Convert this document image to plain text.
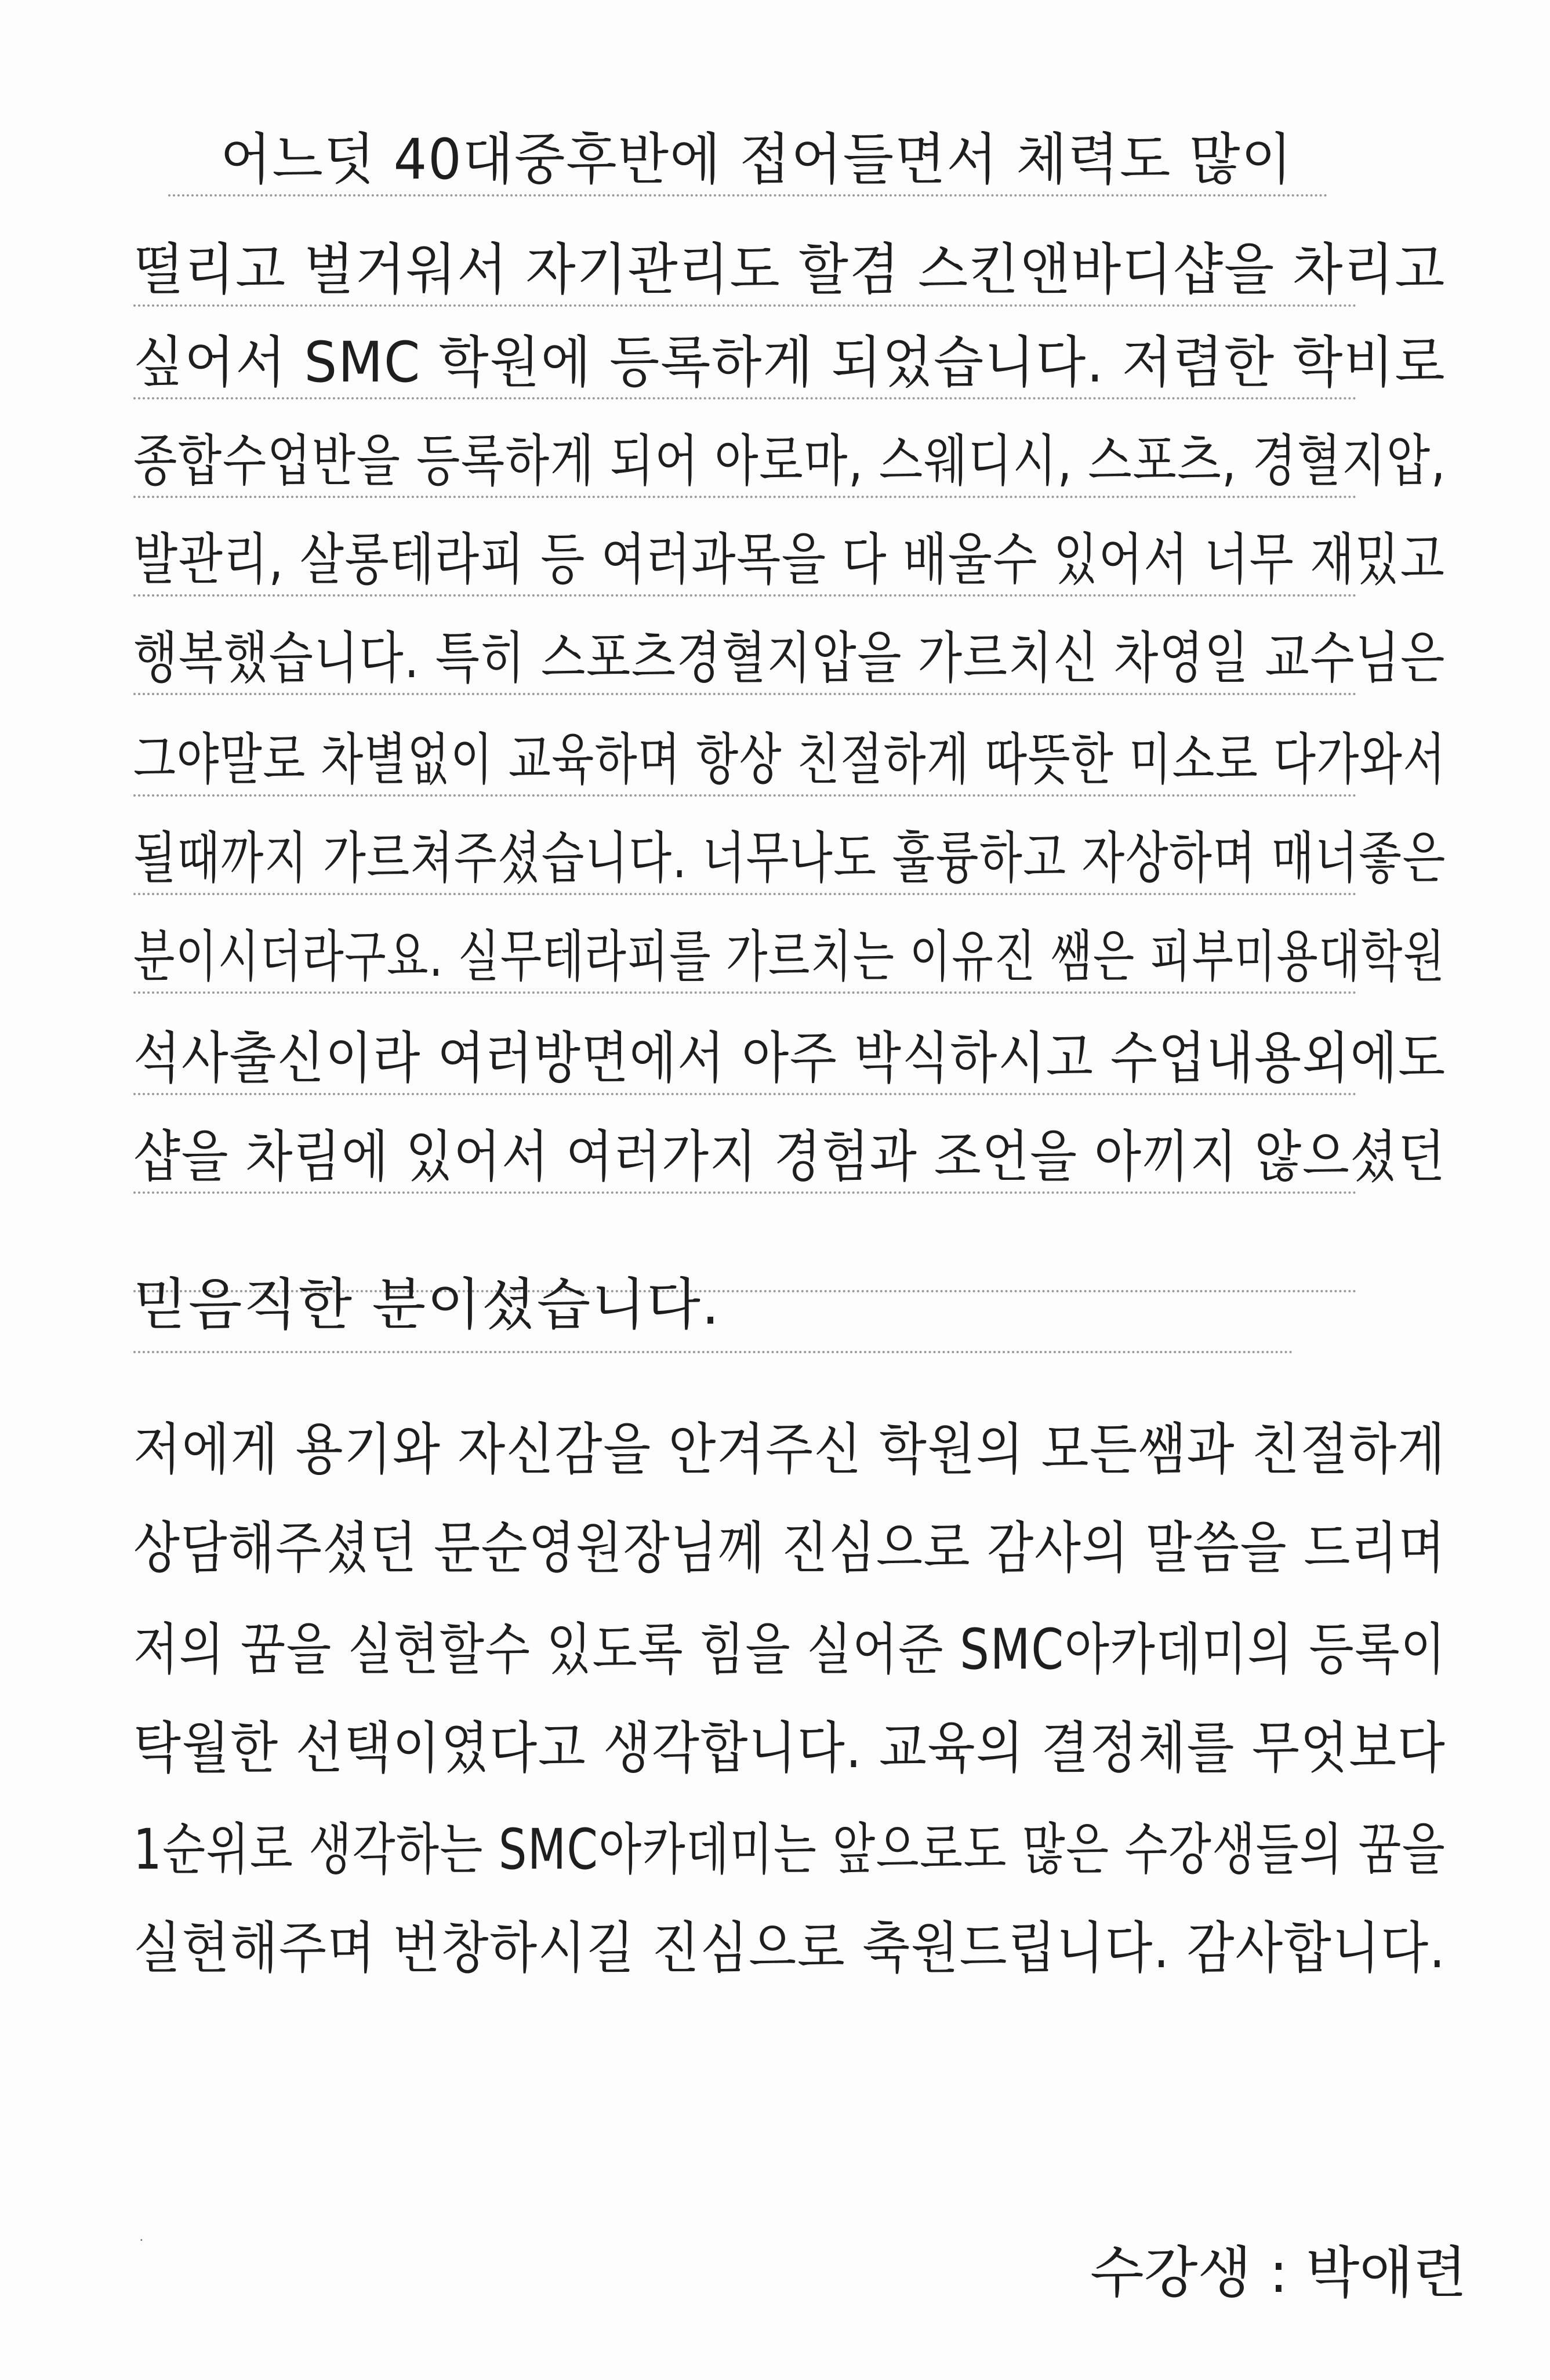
어느덧 40대중후반에 접어들면서 체력도 많이
떨리고 벌거워서 자기관리도 할겸 스킨앤바디샵을 차리고
싶어서 SMC 학원에 등록하게 되었습니다. 저렴한 학비로
종합수업반을 등록하게 되어 아로마, 스웨디시, 스포츠, 경혈지압,
발관리, 살롱테라피 등 여러과목을 다 배울수 있어서 너무 재밌고
행복했습니다. 특히 스포츠경혈지압을 가르치신 차영일 교수님은
그야말로 차별없이 교육하며 항상 친절하게 따뜻한 미소로 다가와서
될때까지 가르쳐주셨습니다. 너무나도 훌륭하고 자상하며 매너좋은
분이시더라구요. 실무테라피를 가르치는 이유진 쌤은 피부미용대학원
석사출신이라 여러방면에서 아주 박식하시고 수업내용외에도
샵을 차림에 있어서 여러가지 경험과 조언을 아끼지 않으셨던
믿음직한 분이셨습니다.
저에게 용기와 자신감을 안겨주신 학원의 모든쌤과 친절하게
상담해주셨던 문순영원장님께 진심으로 감사의 말씀을 드리며
저의 꿈을 실현할수 있도록 힘을 실어준 SMC아카데미의 등록이
탁월한 선택이였다고 생각합니다. 교육의 결정체를 무엇보다
1순위로 생각하는 SMC아카데미는 앞으로도 많은 수강생들의 꿈을
실현해주며 번창하시길 진심으로 축원드립니다. 감사합니다.
·	수강생 : 박애련
